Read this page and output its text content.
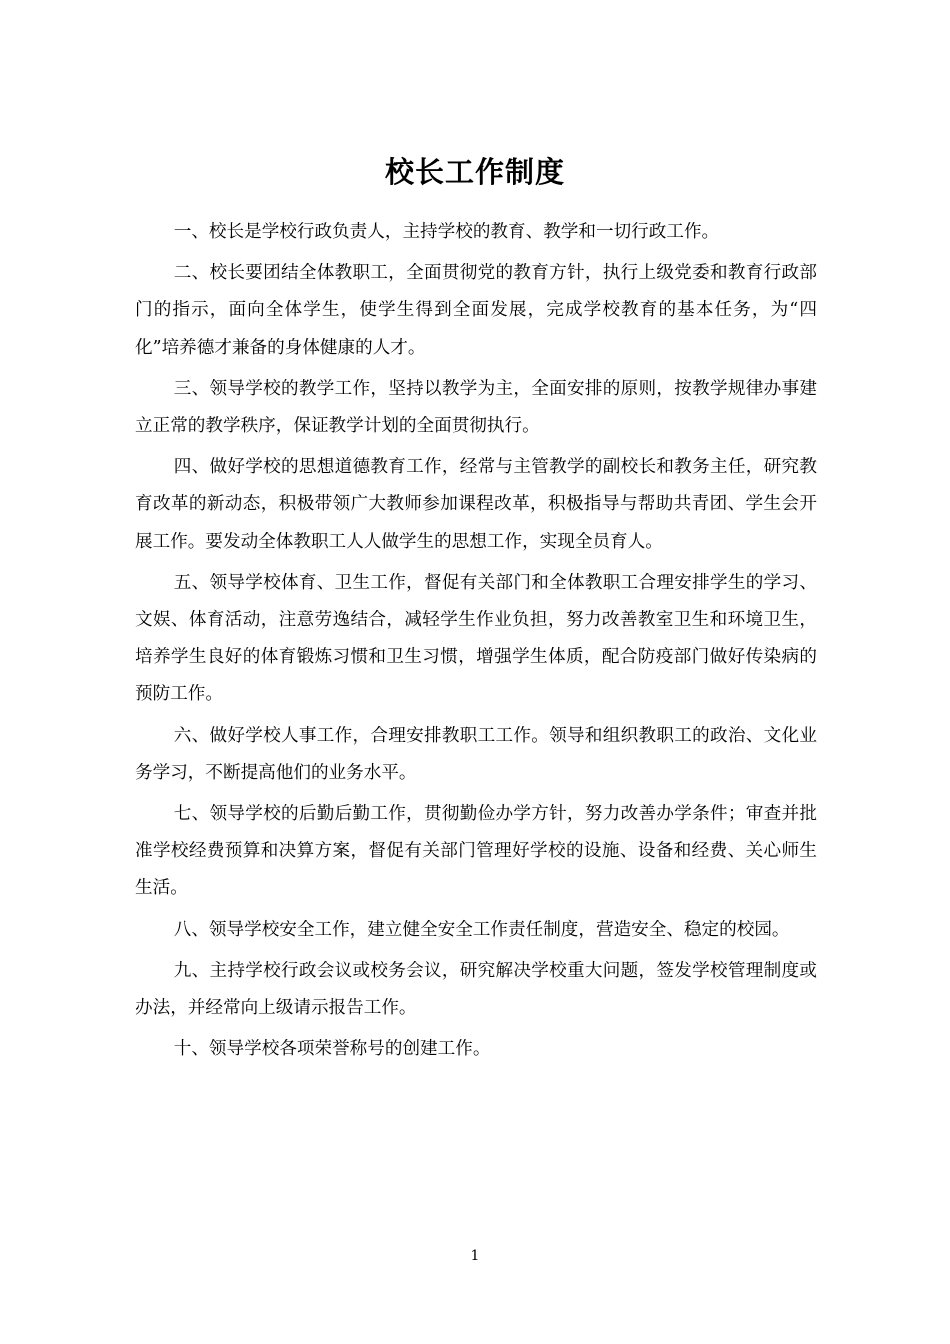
校长工作制度

一、校长是学校行政负责人，主持学校的教育、教学和一切行政工作。

二、校长要团结全体教职工，全面贯彻党的教育方针，执行上级党委和教育行政部门的指示，面向全体学生，使学生得到全面发展，完成学校教育的基本任务，为“四化”培养德才兼备的身体健康的人才。

三、领导学校的教学工作，坚持以教学为主，全面安排的原则，按教学规律办事建立正常的教学秩序，保证教学计划的全面贯彻执行。

四、做好学校的思想道德教育工作，经常与主管教学的副校长和教务主任，研究教育改革的新动态，积极带领广大教师参加课程改革，积极指导与帮助共青团、学生会开展工作。要发动全体教职工人人做学生的思想工作，实现全员育人。

五、领导学校体育、卫生工作，督促有关部门和全体教职工合理安排学生的学习、文娱、体育活动，注意劳逸结合，减轻学生作业负担，努力改善教室卫生和环境卫生，培养学生良好的体育锻炼习惯和卫生习惯，增强学生体质，配合防疫部门做好传染病的预防工作。

六、做好学校人事工作，合理安排教职工工作。领导和组织教职工的政治、文化业务学习，不断提高他们的业务水平。

七、领导学校的后勤后勤工作，贯彻勤俭办学方针，努力改善办学条件；审查并批准学校经费预算和决算方案，督促有关部门管理好学校的设施、设备和经费、关心师生生活。

八、领导学校安全工作，建立健全安全工作责任制度，营造安全、稳定的校园。

九、主持学校行政会议或校务会议，研究解决学校重大问题，签发学校管理制度或办法，并经常向上级请示报告工作。

十、领导学校各项荣誉称号的创建工作。

1
